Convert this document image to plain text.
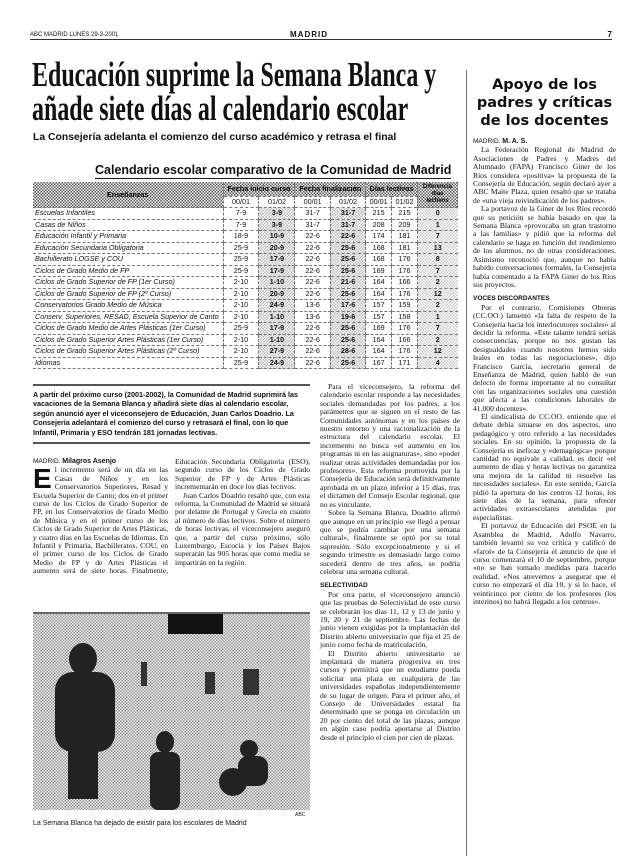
ABC MADRID LUNES 29-3-2001	MADRID	7
Educación suprime la Semana Blanca y
añade siete días al calendario escolar
La Consejería adelanta el comienzo del curso académico y retrasa el final
Calendario escolar comparativo de la Comunidad de Madrid
Enseñanzas	Fecha inicio curso		Fecha finalización		Días lectivos		Diferencia días lectivos
	00/01	01/02	00/01	01/02	00/01	01/02	
Escuelas Infantiles	7-9	3-9	31-7	31-7	215	215	0
Casas de Niños	7-9	3-9	31-7	31-7	208	209	1
Educación Infantil y Primaria	18-9	10-9	22-6	22-6	174	181	7
Educación Secundaria Obligatoria	25-9	20-9	22-6	25-6	168	181	13
Bachillerato LOGSE y COU	25-9	17-9	22-6	25-6	168	176	8
Ciclos de Grado Medio de FP	25-9	17-9	22-6	25-6	169	176	7
Ciclos de Grado Superior de FP (1er Curso)	2-10	1-10	22-6	21-6	164	166	2
Ciclos de Grado Superior de FP (2º Curso)	2-10	20-9	22-6	25-6	164	176	12
Conservatorios Grado Medio de Música	2-10	24-9	13-6	17-6	157	159	2
Conserv. Superiores, RESAD, Escuela Superior de Canto	2-10	1-10	13-6	19-6	157	158	1
Ciclos de Grado Medio de Artes Plásticas (1er Curso)	25-9	17-9	22-6	25-6	169	176	7
Ciclos de Grado Superior Artes Plásticas (1er Curso)	2-10	1-10	22-6	25-6	164	166	2
Ciclos de Grado Superior Artes Plásticas (2º Curso)	2-10	27-9	22-6	28-6	164	176	12
Idiomas	25-9	24-9	22-6	25-6	167	171	4
A partir del próximo curso (2001-2002), la Comunidad de Madrid suprimirá las vacaciones de la Semana Blanca y añadirá siete días al calendario escolar, según anunció ayer el viceconsejero de Educación, Juan Carlos Doadrio. La Consejería adelantará el comienzo del curso y retrasará el final, con lo que Infantil, Primaria y ESO tendrán 181 jornadas lectivas.
MADRID. Milagros Asenjo

El incremento será de un día en las Casas de Niños y en los Conservatorios Superiores, Resad y Escuela Superior de Canto; dos en el primer curso de los Ciclos de Grado Superior de FP, en los Conservatorios de Grado Medio de Música y en el primer curso de los Ciclos de Grado Superior de Artes Plásticas, y cuatro días en las Escuelas de Idiomas. En Infantil y Primaria, Bachilleratos, COU, en el primer curso de los Ciclos de Grado Medio de FP y de Artes Plásticas el aumento será de siete horas. Finalmente, Educación Secundaria Obligatoria (ESO), segundo curso de los Ciclos de Grado Superior de FP y de Artes Plásticas incrementarán en doce los días lectivos.

Juan Carlos Doadrio resaltó que, con esta reforma, la Comunidad de Madrid se situará por delante de Portugal y Grecia en cuanto al número de días lectivos. Sobre el número de horas lectivas, el viceconsejero aseguró que, a partir del curso próximo, sólo Luxemburgo, Escocia y los Países Bajos superarán las 905 horas que como media se impartirán en la región.

Para el viceconsejero, la reforma del calendario escolar responde a las necesidades sociales demandadas por los padres, a los parámetros que se siguen en el resto de las Comunidades autónomas y en los países de nuestro entorno y una racionalización de la estructura del calendario escolar. El incremento no busca «el aumento en los programas ni en las asignaturas», sino «poder realizar otras actividades demandadas por los profesores». Esta reforma promovida por la Consejería de Educación será definitivamente aprobada en un plazo inferior a 15 días, tras el dictamen del Consejo Escolar regional, que no es vinculante.

Sobre la Semana Blanca, Doadrio afirmó que aunque en un principio «se llegó a pensar que se podría cambiar por una semana cultural», finalmente se optó por su total supresión. Sólo excepcionalmente y si el segundo trimestre es demasiado largo como sucederá dentro de tres años, se podría celebrar una semana cultural.

SELECTIVIDAD

Por otra parte, el viceconsejero anunció que las pruebas de Selectividad de este curso se celebrarán los días 11, 12 y 13 de junio y 19, 20 y 21 de septiembre. Las fechas de junio vienen exigidas por la implantación del Distrito abierto universitario que fija el 25 de junio como fecha de matriculación.

El Distrito abierto universitario se implantará de manera progresiva en tres cursos y permitirá que un estudiante pueda solicitar una plaza en cualquiera de las universidades españolas independientemente de su lugar de origen. Para el primer año, el Consejo de Universidades estatal ha determinado que se ponga en circulación un 20 por ciento del total de las plazas, aunque en algún caso podría aportarse al Distrito desde el principio el cien por cien de plazas.

ABC
La Semana Blanca ha dejado de existir para los escolares de Madrid
Apoyo de los padres y críticas de los docentes
MADRID. M. A. S.

La Federación Regional de Madrid de Asociaciones de Padres y Madres del Alumnado (FAPA) Francisco Giner de los Ríos considera «positiva» la propuesta de la Consejería de Educación, según declaró ayer a ABC Maite Plaza, quien resaltó que se trataba de «una vieja reivindicación de los padres».

La portavoz de la Giner de los Ríos recordó que su petición se había basado en que la Semana Blanca «provocaba un gran trastorno a las familias» y pidió que la reforma del calendario se haga en función del rendimiento de los alumnos, no de otras consideraciones. Asimismo reconoció que, aunque no había habido conversaciones formales, la Consejería había comentado a la FAPA Giner de los Ríos sus proyectos.

VOCES DISCORDANTES

Por el contrario, Comisiones Obreras (CC.OO.) lamentó «la falta de respeto de la Consejería hacia los interlocutores sociales» al decidir la reforma. «Este talante tendrá serias consecuencias, porque no nos gustan las desigualdades cuando nosotros hemos sido leales en todas las negociaciones», dijo Francisco García, secretario general de Enseñanza de Madrid, quien habló de «un defecto de forma importante al no consultar con las organizaciones sociales una cuestión que afecta a las condiciones laborales de 41.000 docentes».

El sindicalista de CC.OO. entiende que el debate debía situarse en dos aspectos, uno pedagógico y otro referido a las necesidades sociales. En su opinión, la propuesta de la Consejería es ineficaz y «demagógica» porque cantidad no equivale a calidad, es decir «el aumento de días y horas lectivas no garantiza una mejora de la calidad ni resuelve las necesidades sociales». En este sentido, García pidió la apertura de los centros 12 horas, los siete días de la semana, para ofrecer actividades extraescolares atendidas por especialistas.

El portavoz de Educación del PSOE en la Asamblea de Madrid, Adolfo Navarro, también levantó su voz crítica y calificó de «farol» de la Consejería el anuncio de que el curso comenzará el 10 de septiembre, porque «no se han tomado medidas para hacerlo realidad. «Nos atrevemos a asegurar que el curso no empezará el día 10, y si lo hace, el veinticinco por ciento de los profesores (los interinos) no habrá llegado a los centros».
